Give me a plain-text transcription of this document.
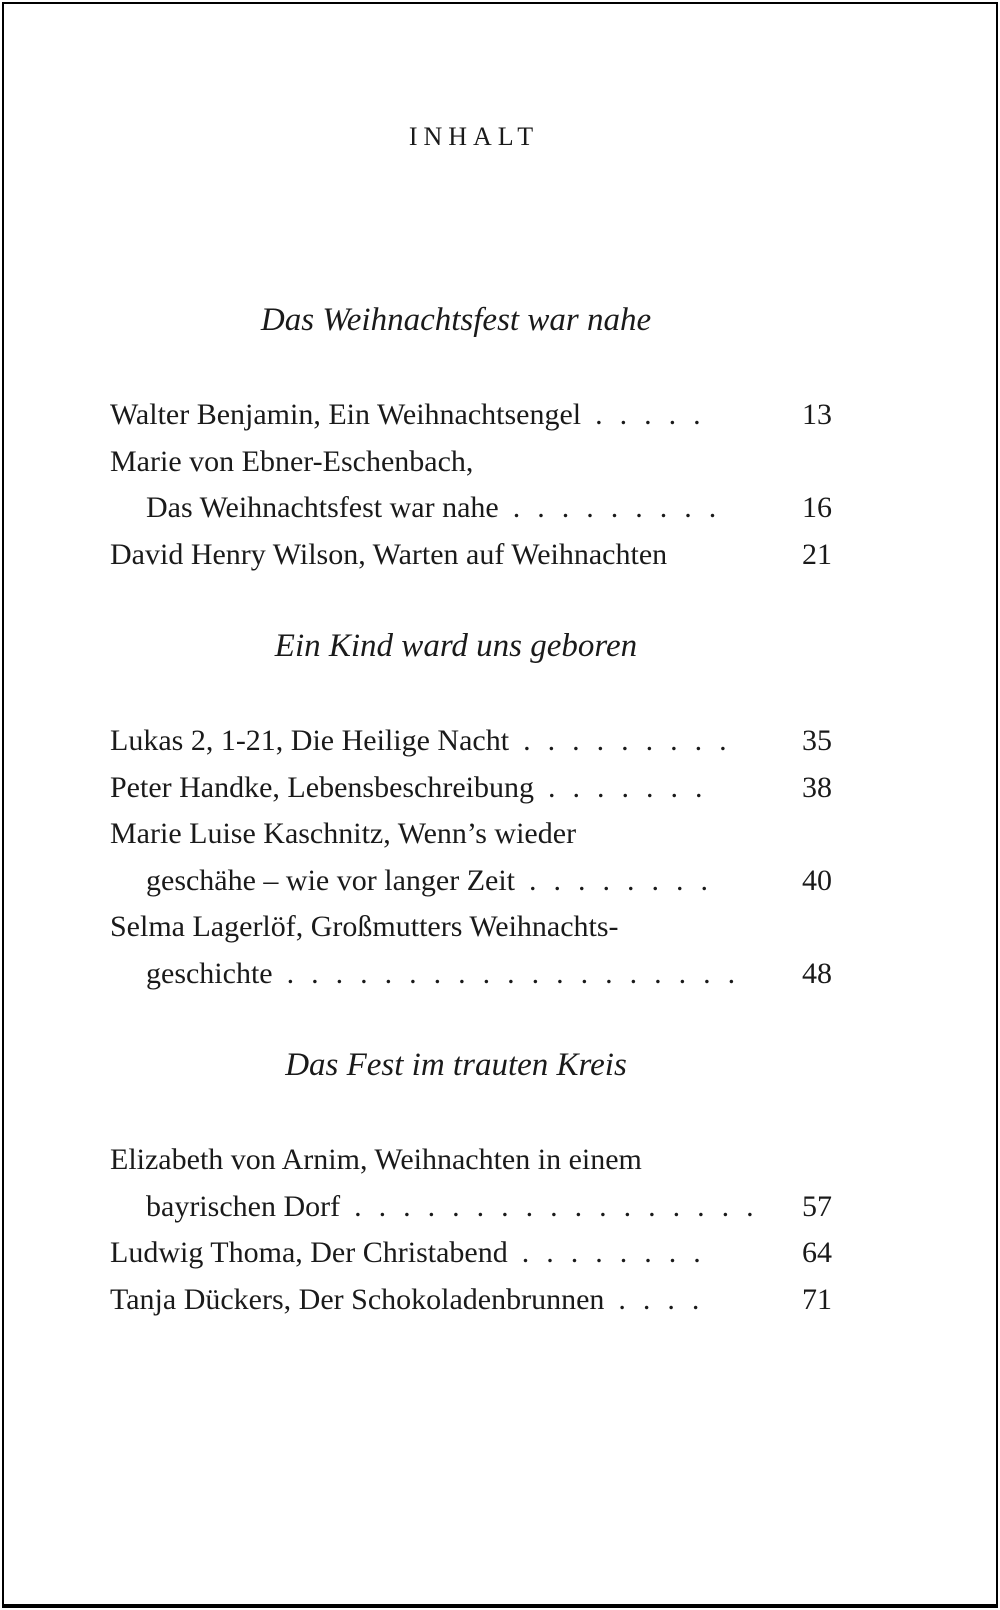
INHALT
Das Weihnachtsfest war nahe
Walter Benjamin, Ein Weihnachtsengel .....	13
Marie von Ebner-Eschenbach,
Das Weihnachtsfest war nahe ......... 16
David Henry Wilson, Warten auf Weihnachten	21
Ein Kind ward uns geboren
Lukas 2, 1-21, Die Heilige Nacht ......... 35
Peter Handke, Lebensbeschreibung .......	38
Marie Luise Kaschnitz, Wenn’s wieder
geschähe – wie vor langer Zeit ........	40
Selma Lagerlöf, Großmutters Weihnachts-
geschichte ................... 48
Das Fest im trauten Kreis
Elizabeth von Arnim, Weihnachten in einem
bayrischen Dorf ................. 57
Ludwig Thoma, Der Christabend ........	64
Tanja Dückers, Der Schokoladenbrunnen ....	71
